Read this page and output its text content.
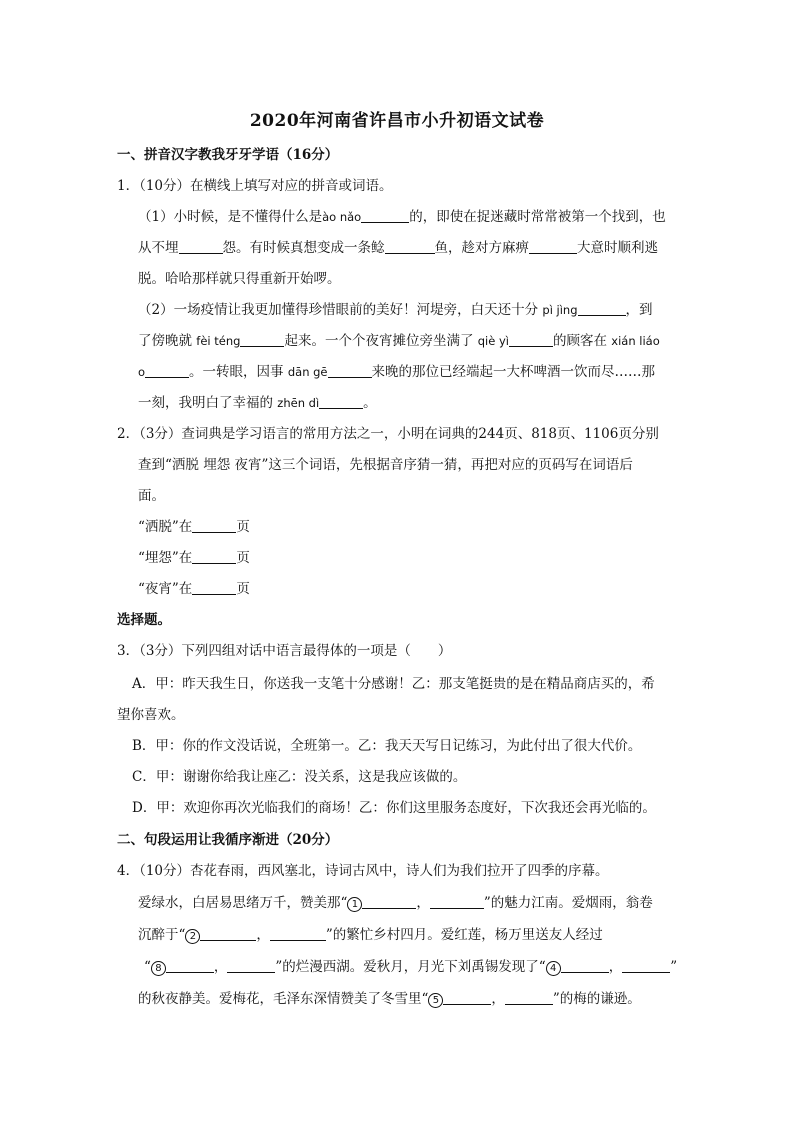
2020年河南省许昌市小升初语文试卷
一、拼音汉字教我牙牙学语（16分）
1．（10分）在横线上填写对应的拼音或词语。
（1）小时候，是不懂得什么是ào nǎo	的，即使在捉迷藏时常常被第一个找到，也
从不埋	怨。有时候真想变成一条鲶	鱼，趁对方麻痹	大意时顺利逃
脱。哈哈那样就只得重新开始啰。
（2）一场疫情让我更加懂得珍惜眼前的美好！河堤旁，白天还十分 pì jìng	，到
了傍晚就 fèi téng	起来。一个个夜宵摊位旁坐满了 qiè yì	的顾客在 xián liáo
o	。一转眼，因事 dān gē	来晚的那位已经端起一大杯啤酒一饮而尽……那
一刻，我明白了幸福的 zhēn dì	。
2．（3分）查词典是学习语言的常用方法之一，小明在词典的244页、818页、1106页分别
查到“洒脱 埋怨 夜宵”这三个词语，先根据音序猜一猜，再把对应的页码写在词语后
面。
“洒脱”在	页
“埋怨”在	页
“夜宵”在	页
选择题。
3．（3分）下列四组对话中语言最得体的一项是（　　）
A．甲：昨天我生日，你送我一支笔十分感谢！乙：那支笔挺贵的是在精品商店买的，希
望你喜欢。
B．甲：你的作文没话说，全班第一。乙：我天天写日记练习，为此付出了很大代价。
C．甲：谢谢你给我让座乙：没关系，这是我应该做的。
D．甲：欢迎你再次光临我们的商场！乙：你们这里服务态度好，下次我还会再光临的。
二、句段运用让我循序渐进（20分）
4．（10分）杏花春雨，西风塞北，诗词古风中，诗人们为我们拉开了四季的序幕。
爱绿水，白居易思绪万千，赞美那“ 1	，	”的魅力江南。爱烟雨，翁卷
沉醉于“ 2	，	”的繁忙乡村四月。爱红莲，杨万里送友人经过
“ 8	，	”的烂漫西湖。爱秋月，月光下刘禹锡发现了“ 4	，	”
的秋夜静美。爱梅花，毛泽东深情赞美了冬雪里“ 5	，	”的梅的谦逊。
